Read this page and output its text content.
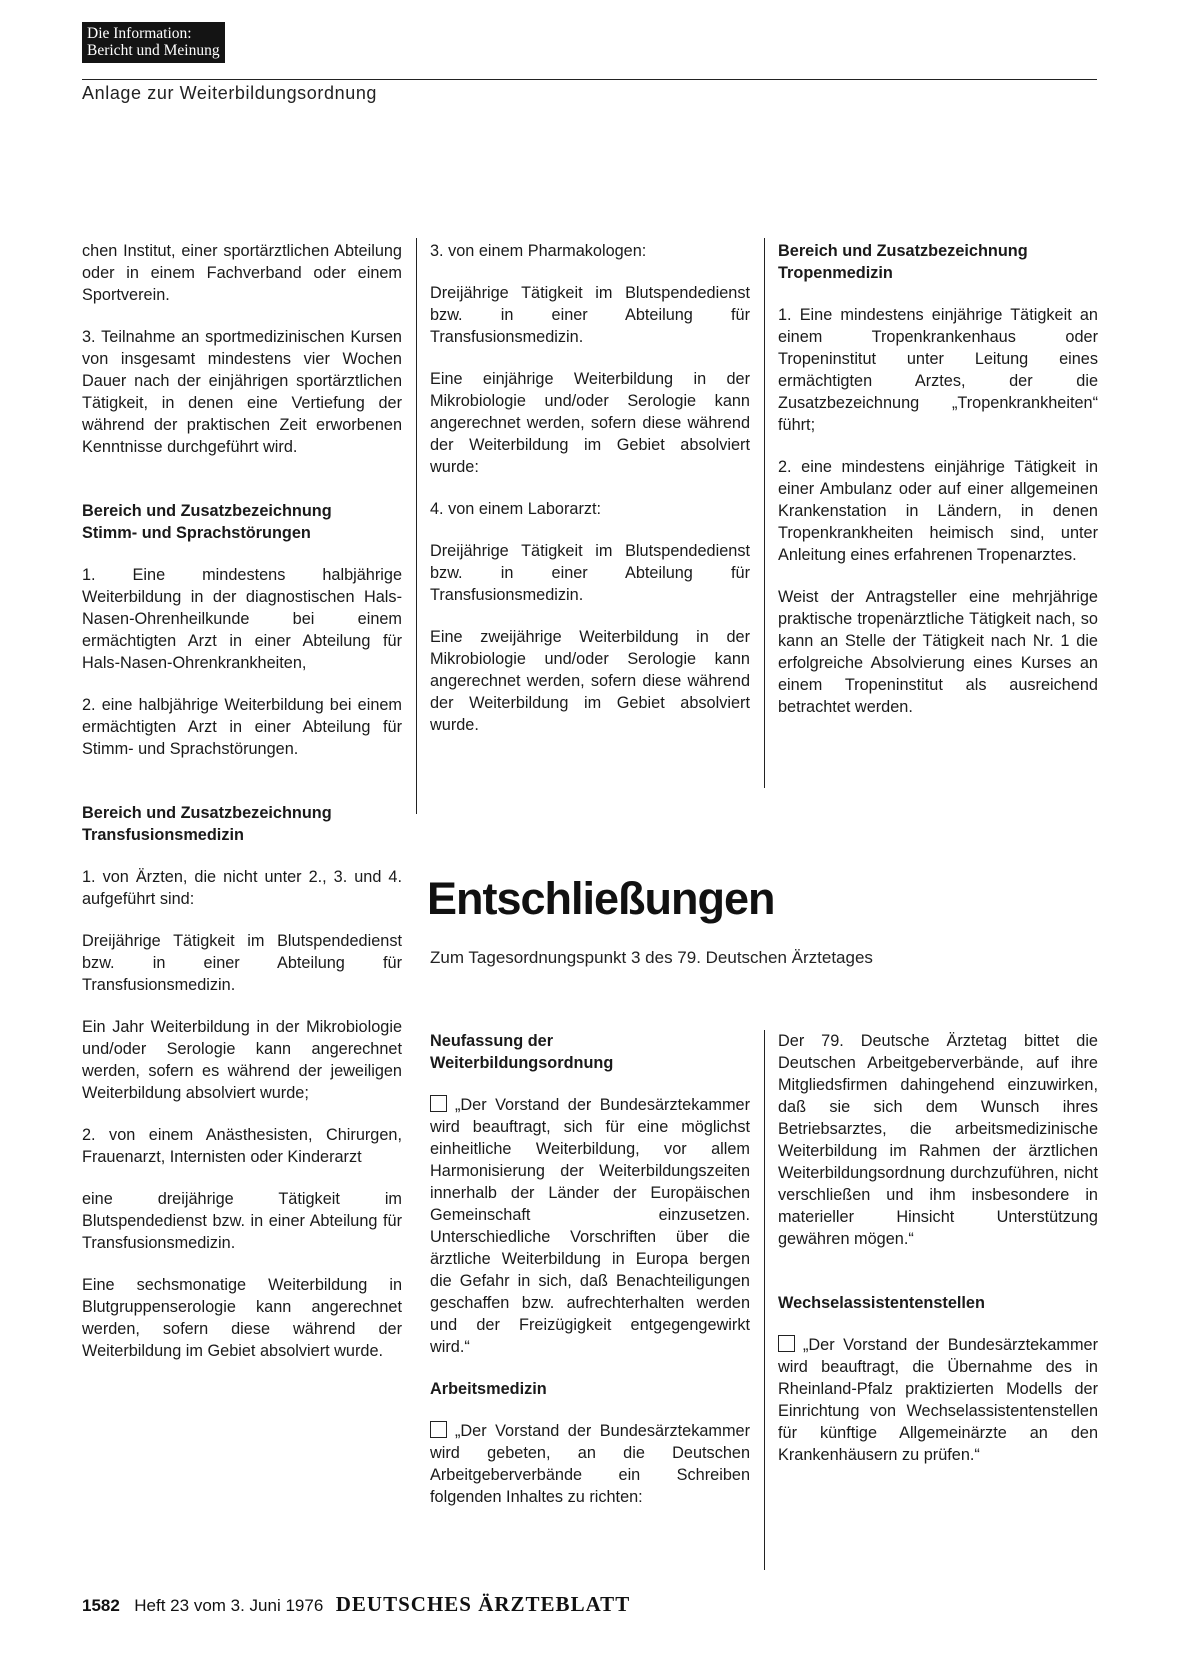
Die Information:
Bericht und Meinung
Anlage zur Weiterbildungsordnung

chen Institut, einer sportärztlichen Abteilung oder in einem Fachverband oder einem Sportverein.

3. Teilnahme an sportmedizinischen Kursen von insgesamt mindestens vier Wochen Dauer nach der einjährigen sportärztlichen Tätigkeit, in denen eine Vertiefung der während der praktischen Zeit erworbenen Kenntnisse durchgeführt wird.

Bereich und Zusatzbezeichnung
Stimm- und Sprachstörungen

1. Eine mindestens halbjährige Weiterbildung in der diagnostischen Hals-Nasen-Ohrenheilkunde bei einem ermächtigten Arzt in einer Abteilung für Hals-Nasen-Ohrenkrankheiten,

2. eine halbjährige Weiterbildung bei einem ermächtigten Arzt in einer Abteilung für Stimm- und Sprachstörungen.

Bereich und Zusatzbezeichnung
Transfusionsmedizin

1. von Ärzten, die nicht unter 2., 3. und 4. aufgeführt sind:

Dreijährige Tätigkeit im Blutspendedienst bzw. in einer Abteilung für Transfusionsmedizin.

Ein Jahr Weiterbildung in der Mikrobiologie und/oder Serologie kann angerechnet werden, sofern es während der jeweiligen Weiterbildung absolviert wurde;

2. von einem Anästhesisten, Chirurgen, Frauenarzt, Internisten oder Kinderarzt

eine dreijährige Tätigkeit im Blutspendedienst bzw. in einer Abteilung für Transfusionsmedizin.

Eine sechsmonatige Weiterbildung in Blutgruppenserologie kann angerechnet werden, sofern diese während der Weiterbildung im Gebiet absolviert wurde.

3. von einem Pharmakologen:

Dreijährige Tätigkeit im Blutspendedienst bzw. in einer Abteilung für Transfusionsmedizin.

Eine einjährige Weiterbildung in der Mikrobiologie und/oder Serologie kann angerechnet werden, sofern diese während der Weiterbildung im Gebiet absolviert wurde:

4. von einem Laborarzt:

Dreijährige Tätigkeit im Blutspendedienst bzw. in einer Abteilung für Transfusionsmedizin.

Eine zweijährige Weiterbildung in der Mikrobiologie und/oder Serologie kann angerechnet werden, sofern diese während der Weiterbildung im Gebiet absolviert wurde.

Bereich und Zusatzbezeichnung
Tropenmedizin

1. Eine mindestens einjährige Tätigkeit an einem Tropenkrankenhaus oder Tropeninstitut unter Leitung eines ermächtigten Arztes, der die Zusatzbezeichnung „Tropenkrankheiten“ führt;

2. eine mindestens einjährige Tätigkeit in einer Ambulanz oder auf einer allgemeinen Krankenstation in Ländern, in denen Tropenkrankheiten heimisch sind, unter Anleitung eines erfahrenen Tropenarztes.

Weist der Antragsteller eine mehrjährige praktische tropenärztliche Tätigkeit nach, so kann an Stelle der Tätigkeit nach Nr. 1 die erfolgreiche Absolvierung eines Kurses an einem Tropeninstitut als ausreichend betrachtet werden.

Entschließungen
Zum Tagesordnungspunkt 3 des 79. Deutschen Ärztetages
Neufassung der
Weiterbildungsordnung

„Der Vorstand der Bundesärztekammer wird beauftragt, sich für eine möglichst einheitliche Weiterbildung, vor allem Harmonisierung der Weiterbildungszeiten innerhalb der Länder der Europäischen Gemeinschaft einzusetzen. Unterschiedliche Vorschriften über die ärztliche Weiterbildung in Europa bergen die Gefahr in sich, daß Benachteiligungen geschaffen bzw. aufrechterhalten werden und der Freizügigkeit entgegengewirkt wird.“

Arbeitsmedizin

„Der Vorstand der Bundesärztekammer wird gebeten, an die Deutschen Arbeitgeberverbände ein Schreiben folgenden Inhaltes zu richten:

Der 79. Deutsche Ärztetag bittet die Deutschen Arbeitgeberverbände, auf ihre Mitgliedsfirmen dahingehend einzuwirken, daß sie sich dem Wunsch ihres Betriebsarztes, die arbeitsmedizinische Weiterbildung im Rahmen der ärztlichen Weiterbildungsordnung durchzuführen, nicht verschließen und ihm insbesondere in materieller Hinsicht Unterstützung gewähren mögen.“

Wechselassistentenstellen

„Der Vorstand der Bundesärztekammer wird beauftragt, die Übernahme des in Rheinland-Pfalz praktizierten Modells der Einrichtung von Wechselassistentenstellen für künftige Allgemeinärzte an den Krankenhäusern zu prüfen.“

1582 Heft 23 vom 3. Juni 1976 DEUTSCHES ÄRZTEBLATT
